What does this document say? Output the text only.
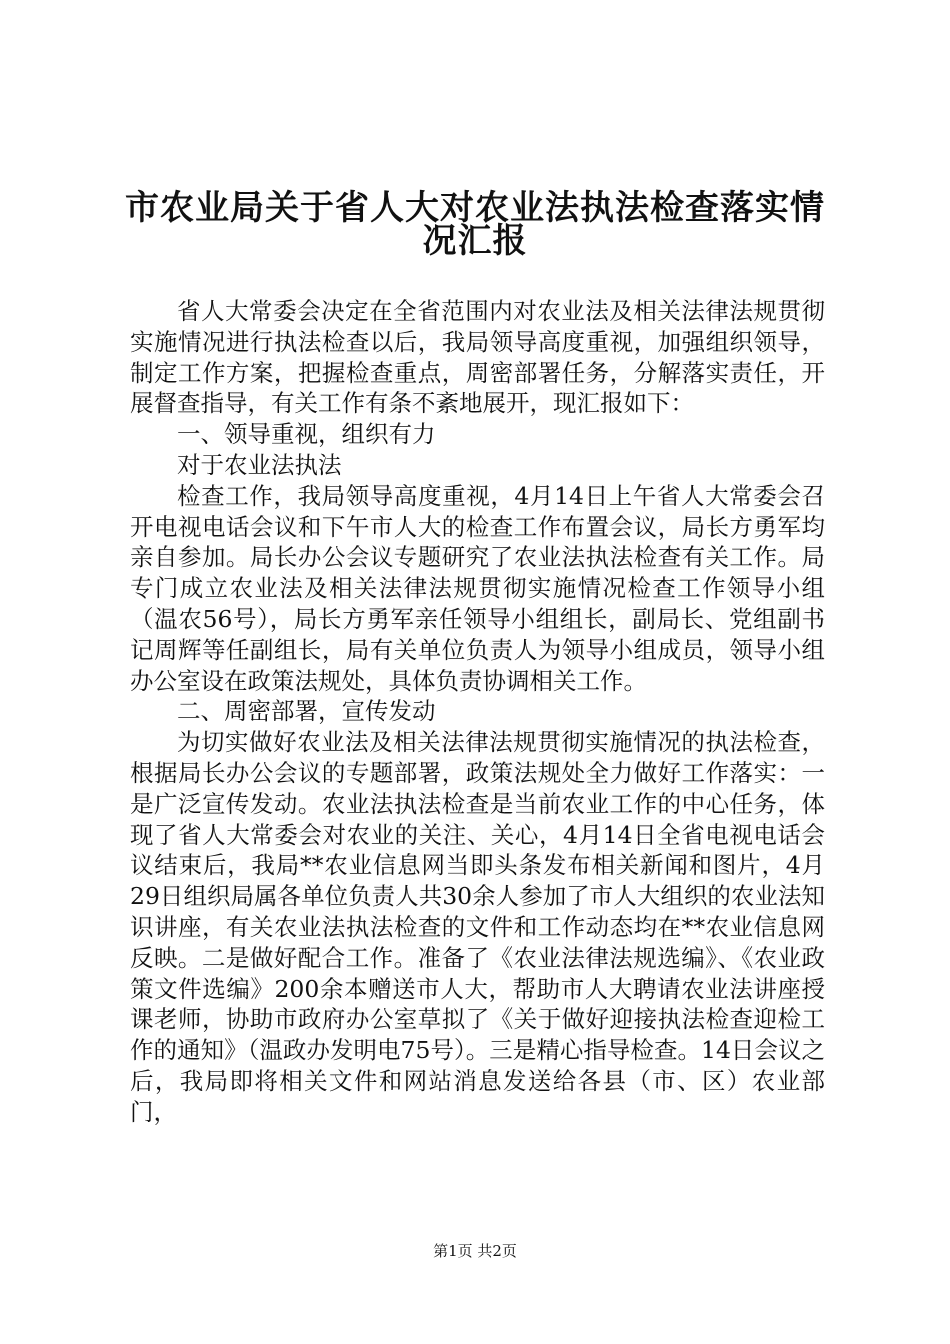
市农业局关于省人大对农业法执法检查落实情
况汇报

省人大常委会决定在全省范围内对农业法及相关法律法规贯彻实施情况进行执法检查以后，我局领导高度重视，加强组织领导，制定工作方案，把握检查重点，周密部署任务，分解落实责任，开展督查指导，有关工作有条不紊地展开，现汇报如下：

一、领导重视，组织有力

对于农业法执法

检查工作，我局领导高度重视，4月14日上午省人大常委会召开电视电话会议和下午市人大的检查工作布置会议，局长方勇军均亲自参加。局长办公会议专题研究了农业法执法检查有关工作。局专门成立农业法及相关法律法规贯彻实施情况检查工作领导小组（温农56号），局长方勇军亲任领导小组组长，副局长、党组副书记周辉等任副组长，局有关单位负责人为领导小组成员，领导小组办公室设在政策法规处，具体负责协调相关工作。

二、周密部署，宣传发动

为切实做好农业法及相关法律法规贯彻实施情况的执法检查，根据局长办公会议的专题部署，政策法规处全力做好工作落实：一是广泛宣传发动。农业法执法检查是当前农业工作的中心任务，体现了省人大常委会对农业的关注、关心，4月14日全省电视电话会议结束后，我局**农业信息网当即头条发布相关新闻和图片，4月29日组织局属各单位负责人共30余人参加了市人大组织的农业法知识讲座，有关农业法执法检查的文件和工作动态均在**农业信息网反映。二是做好配合工作。准备了《农业法律法规选编》、《农业政策文件选编》200余本赠送市人大，帮助市人大聘请农业法讲座授课老师，协助市政府办公室草拟了《关于做好迎接执法检查迎检工作的通知》（温政办发明电75号）。三是精心指导检查。14日会议之后，我局即将相关文件和网站消息发送给各县（市、区）农业部门，

第1页 共2页
